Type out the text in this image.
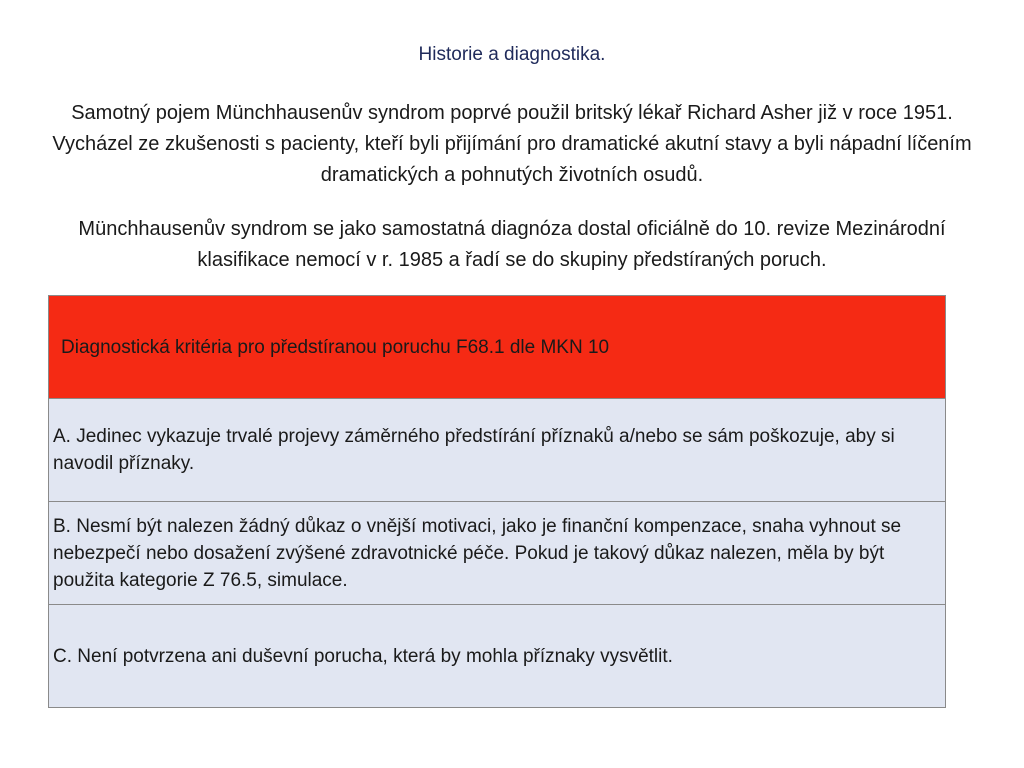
Historie a diagnostika.

Samotný pojem Münchhausenův syndrom poprvé použil britský lékař Richard Asher již v roce 1951. Vycházel ze zkušenosti s pacienty, kteří byli přijímání pro dramatické akutní stavy a byli nápadní líčením dramatických a pohnutých životních osudů.

Münchhausenův syndrom se jako samostatná diagnóza dostal oficiálně do 10. revize Mezinárodní klasifikace nemocí v r. 1985 a řadí se do skupiny předstíraných poruch.

Diagnostická kritéria pro předstíranou poruchu F68.1 dle MKN 10
A. Jedinec vykazuje trvalé projevy záměrného předstírání příznaků a/nebo se sám poškozuje, aby si navodil příznaky.
B. Nesmí být nalezen žádný důkaz o vnější motivaci, jako je finanční kompenzace, snaha vyhnout se nebezpečí nebo dosažení zvýšené zdravotnické péče. Pokud je takový důkaz nalezen, měla by být použita kategorie Z 76.5, simulace.
C. Není potvrzena ani duševní porucha, která by mohla příznaky vysvětlit.
